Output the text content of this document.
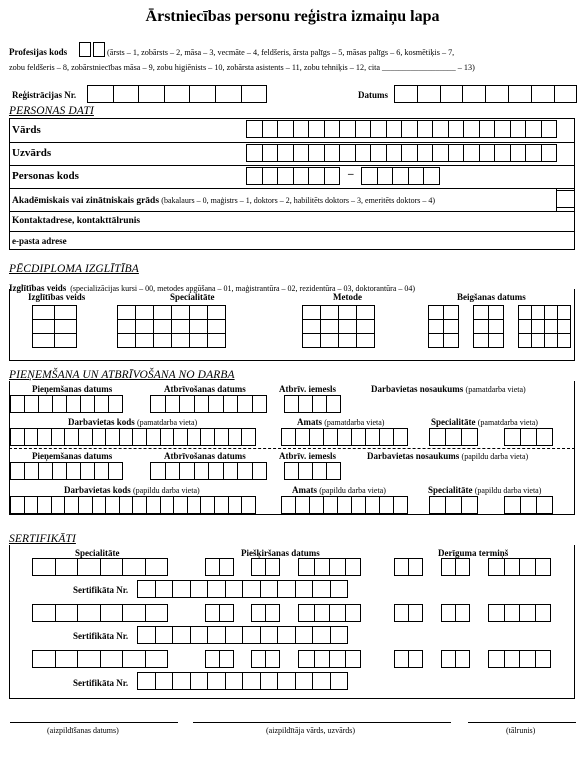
Ārstniecības personu reģistra izmaiņu lapa
Profesijas kods	(ārsts – 1, zobārsts – 2, māsa – 3, vecmāte – 4, feldšeris, ārsta palīgs – 5, māsas palīgs – 6, kosmētiķis – 7,
zobu feldšeris – 8, zobārstniecības māsa – 9, zobu higiēnists – 10, zobārsta asistents – 11, zobu tehniķis – 12, cita __________________ – 13)
Reģistrācijas Nr.	Datums
PERSONAS DATI
Vārds
Uzvārds
Personas kods	–
Akadēmiskais vai zinātniskais grāds (bakalaurs – 0, maģistrs – 1, doktors – 2, habilitēts doktors – 3, emeritēts doktors – 4)
Kontaktadrese, kontakttālrunis
e-pasta adrese
PĒCDIPLOMA IZGLĪTĪBA
Izglītības veids (specializācijas kursi – 00, metodes apgūšana – 01, maģistrantūra – 02, rezidentūra – 03, doktorantūra – 04)
Izglītības veids	Specialitāte	Metode	Beigšanas datums

PIEŅEMŠANA UN ATBRĪVOŠANA NO DARBA
Pieņemšanas datums	Atbrīvošanas datums	Atbrīv. iemesls	Darbavietas nosaukums (pamatdarba vieta)
Darbavietas kods (pamatdarba vieta)	Amats (pamatdarba vieta)	Specialitāte (pamatdarba vieta)
Pieņemšanas datums	Atbrīvošanas datums	Atbrīv. iemesls	Darbavietas nosaukums (papildu darba vieta)
Darbavietas kods (papildu darba vieta)	Amats (papildu darba vieta)	Specialitāte (papildu darba vieta)
SERTIFIKĀTI
Specialitāte	Piešķiršanas datums	Derīguma termiņš
Sertifikāta Nr.
Sertifikāta Nr.
Sertifikāta Nr.
(aizpildīšanas datums)	(aizpildītāja vārds, uzvārds)	(tālrunis)
